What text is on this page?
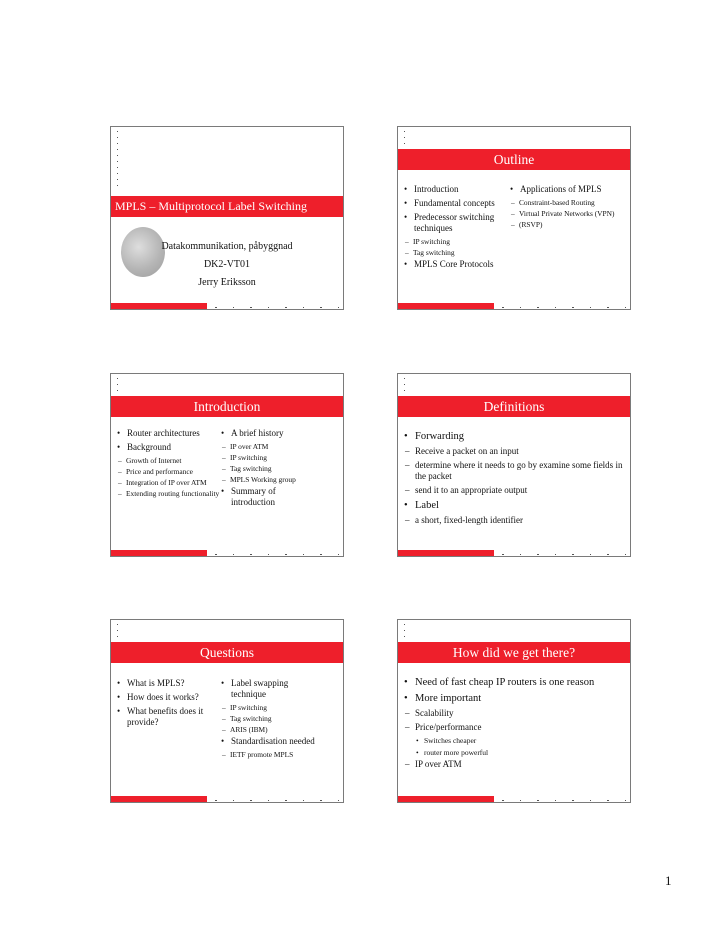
MPLS – Multiprotocol Label Switching
Datakommunikation, påbyggnad
DK2-VT01
Jerry Eriksson
Outline
• Introduction
• Fundamental concepts
• Predecessor switching techniques
– IP switching
– Tag switching
• MPLS Core Protocols
• Applications of MPLS
– Constraint-based Routing
– Virtual Private Networks (VPN)
– (RSVP)
Introduction
• Router architectures
• Background
– Growth of Internet
– Price and performance
– Integration of IP over ATM
– Extending routing functionality
• A brief history
– IP over ATM
– IP switching
– Tag switching
– MPLS Working group
• Summary of introduction
Definitions
• Forwarding
– Receive a packet on an input
– determine where it needs to go by examine some fields in the packet
– send it to an appropriate output
• Label
– a short, fixed-length identifier
Questions
• What is MPLS?
• How does it works?
• What benefits does it provide?
• Label swapping technique
– IP switching
– Tag switching
– ARIS (IBM)
• Standardisation needed
– IETF promote MPLS
How did we get there?
• Need of fast cheap IP routers is one reason
• More important
– Scalability
– Price/performance
• Switches cheaper
• router more powerful
– IP over ATM
1
